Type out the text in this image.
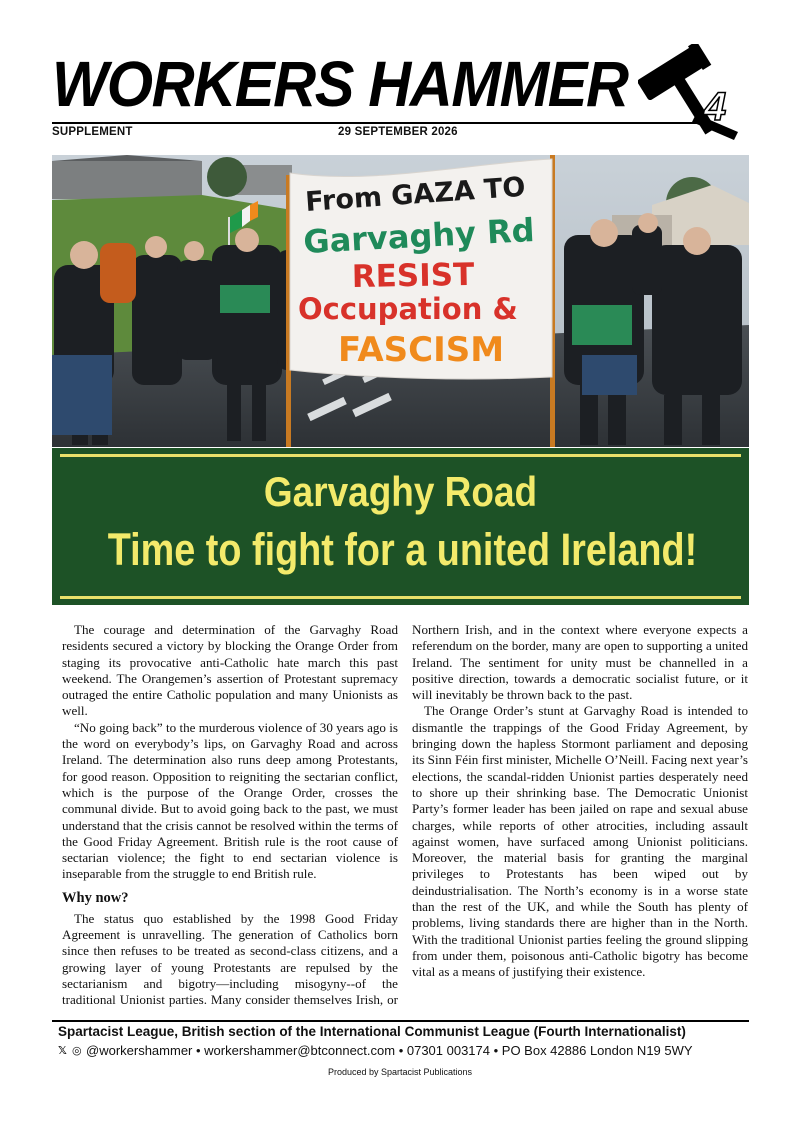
WORKERS HAMMER
SUPPLEMENT	29 SEPTEMBER 2026
4
From GAZA TO
Garvaghy Rd
RESIST
Occupation &
FASCISM
Garvaghy Road
Time to fight for a united Ireland!

The courage and determination of the Garvaghy Road residents secured a victory by blocking the Orange Order from staging its provocative anti-Catholic hate march this past weekend. The Orangemen’s assertion of Protestant supremacy outraged the entire Catholic population and many Unionists as well.

“No going back” to the murderous violence of 30 years ago is the word on everybody’s lips, on Garvaghy Road and across Ireland. The determination also runs deep among Protestants, for good reason. Opposition to reigniting the sectarian conflict, which is the purpose of the Orange Order, crosses the communal divide. But to avoid going back to the past, we must understand that the crisis cannot be resolved within the terms of the Good Friday Agreement. British rule is the root cause of sectarian violence; the fight to end sectarian violence is inseparable from the struggle to end British rule.

Why now?

The status quo established by the 1998 Good Friday Agreement is unravelling. The generation of Catholics born since then refuses to be treated as second-class citizens, and a growing layer of young Protestants are repulsed by the sectarianism and bigotry—including misogyny--of the traditional Unionist parties. Many consider themselves Irish, or Northern Irish, and in the context where everyone expects a referendum on the border, many are open to supporting a united Ireland. The sentiment for unity must be channelled in a positive direction, towards a democratic socialist future, or it will inevitably be thrown back to the past.

The Orange Order’s stunt at Garvaghy Road is intended to dismantle the trappings of the Good Friday Agreement, by bringing down the hapless Stormont parliament and deposing its Sinn Féin first minister, Michelle O’Neill. Facing next year’s elections, the scandal-ridden Unionist parties desperately need to shore up their shrinking base. The Democratic Unionist Party’s former leader has been jailed on rape and sexual abuse charges, while reports of other atrocities, including assault against women, have surfaced among Unionist politicians. Moreover, the material basis for granting the marginal privileges to Protestants has been wiped out by deindustrialisation. The North’s economy is in a worse state than the rest of the UK, and while the South has plenty of problems, living standards there are higher than in the North. With the traditional Unionist parties feeling the ground slipping from under them, poisonous anti-Catholic bigotry has become vital as a means of justifying their existence.

Spartacist League, British section of the International Communist League (Fourth Internationalist)
𝕏 ◎ @workershammer • workershammer@btconnect.com • 07301 003174 • PO Box 42886 London N19 5WY
Produced by Spartacist Publications
